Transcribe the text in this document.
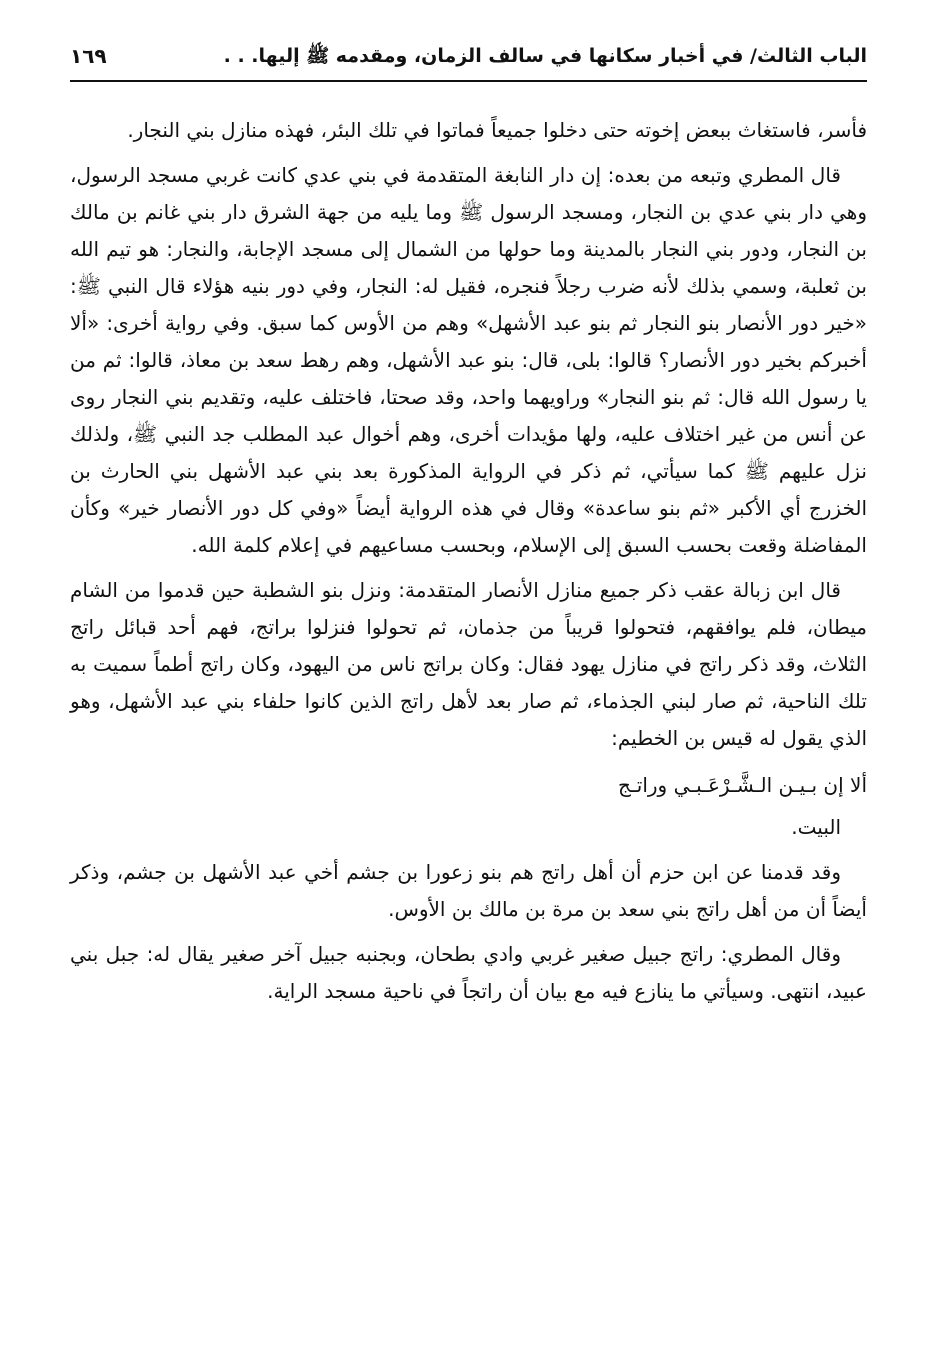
الباب الثالث/ في أخبار سكانها في سالف الزمان، ومقدمه ﷺ إليها. . .
١٦٩

فأسر، فاستغاث ببعض إخوته حتى دخلوا جميعاً فماتوا في تلك البئر، فهذه منازل بني النجار.

قال المطري وتبعه من بعده: إن دار النابغة المتقدمة في بني عدي كانت غربي مسجد الرسول، وهي دار بني عدي بن النجار، ومسجد الرسول ﷺ وما يليه من جهة الشرق دار بني غانم بن مالك بن النجار، ودور بني النجار بالمدينة وما حولها من الشمال إلى مسجد الإجابة، والنجار: هو تيم الله بن ثعلبة، وسمي بذلك لأنه ضرب رجلاً فنجره، فقيل له: النجار، وفي دور بنيه هؤلاء قال النبي ﷺ: «خير دور الأنصار بنو النجار ثم بنو عبد الأشهل» وهم من الأوس كما سبق. وفي رواية أخرى: «ألا أخبركم بخير دور الأنصار؟ قالوا: بلى، قال: بنو عبد الأشهل، وهم رهط سعد بن معاذ، قالوا: ثم من يا رسول الله قال: ثم بنو النجار» وراويهما واحد، وقد صحتا، فاختلف عليه، وتقديم بني النجار روى عن أنس من غير اختلاف عليه، ولها مؤيدات أخرى، وهم أخوال عبد المطلب جد النبي ﷺ، ولذلك نزل عليهم ﷺ كما سيأتي، ثم ذكر في الرواية المذكورة بعد بني عبد الأشهل بني الحارث بن الخزرج أي الأكبر «ثم بنو ساعدة» وقال في هذه الرواية أيضاً «وفي كل دور الأنصار خير» وكأن المفاضلة وقعت بحسب السبق إلى الإسلام، وبحسب مساعيهم في إعلام كلمة الله.

قال ابن زبالة عقب ذكر جميع منازل الأنصار المتقدمة: ونزل بنو الشطبة حين قدموا من الشام ميطان، فلم يوافقهم، فتحولوا قريباً من جذمان، ثم تحولوا فنزلوا براتج، فهم أحد قبائل راتج الثلاث، وقد ذكر راتج في منازل يهود فقال: وكان براتج ناس من اليهود، وكان راتج أطماً سميت به تلك الناحية، ثم صار لبني الجذماء، ثم صار بعد لأهل راتج الذين كانوا حلفاء بني عبد الأشهل، وهو الذي يقول له قيس بن الخطيم:

ألا إن بـيـن الـشَّـرْعَـبـي وراتـج

البيت.

وقد قدمنا عن ابن حزم أن أهل راتج هم بنو زعورا بن جشم أخي عبد الأشهل بن جشم، وذكر أيضاً أن من أهل راتج بني سعد بن مرة بن مالك بن الأوس.

وقال المطري: راتج جبيل صغير غربي وادي بطحان، وبجنبه جبيل آخر صغير يقال له: جبل بني عبيد، انتهى. وسيأتي ما ينازع فيه مع بيان أن راتجاً في ناحية مسجد الراية.
